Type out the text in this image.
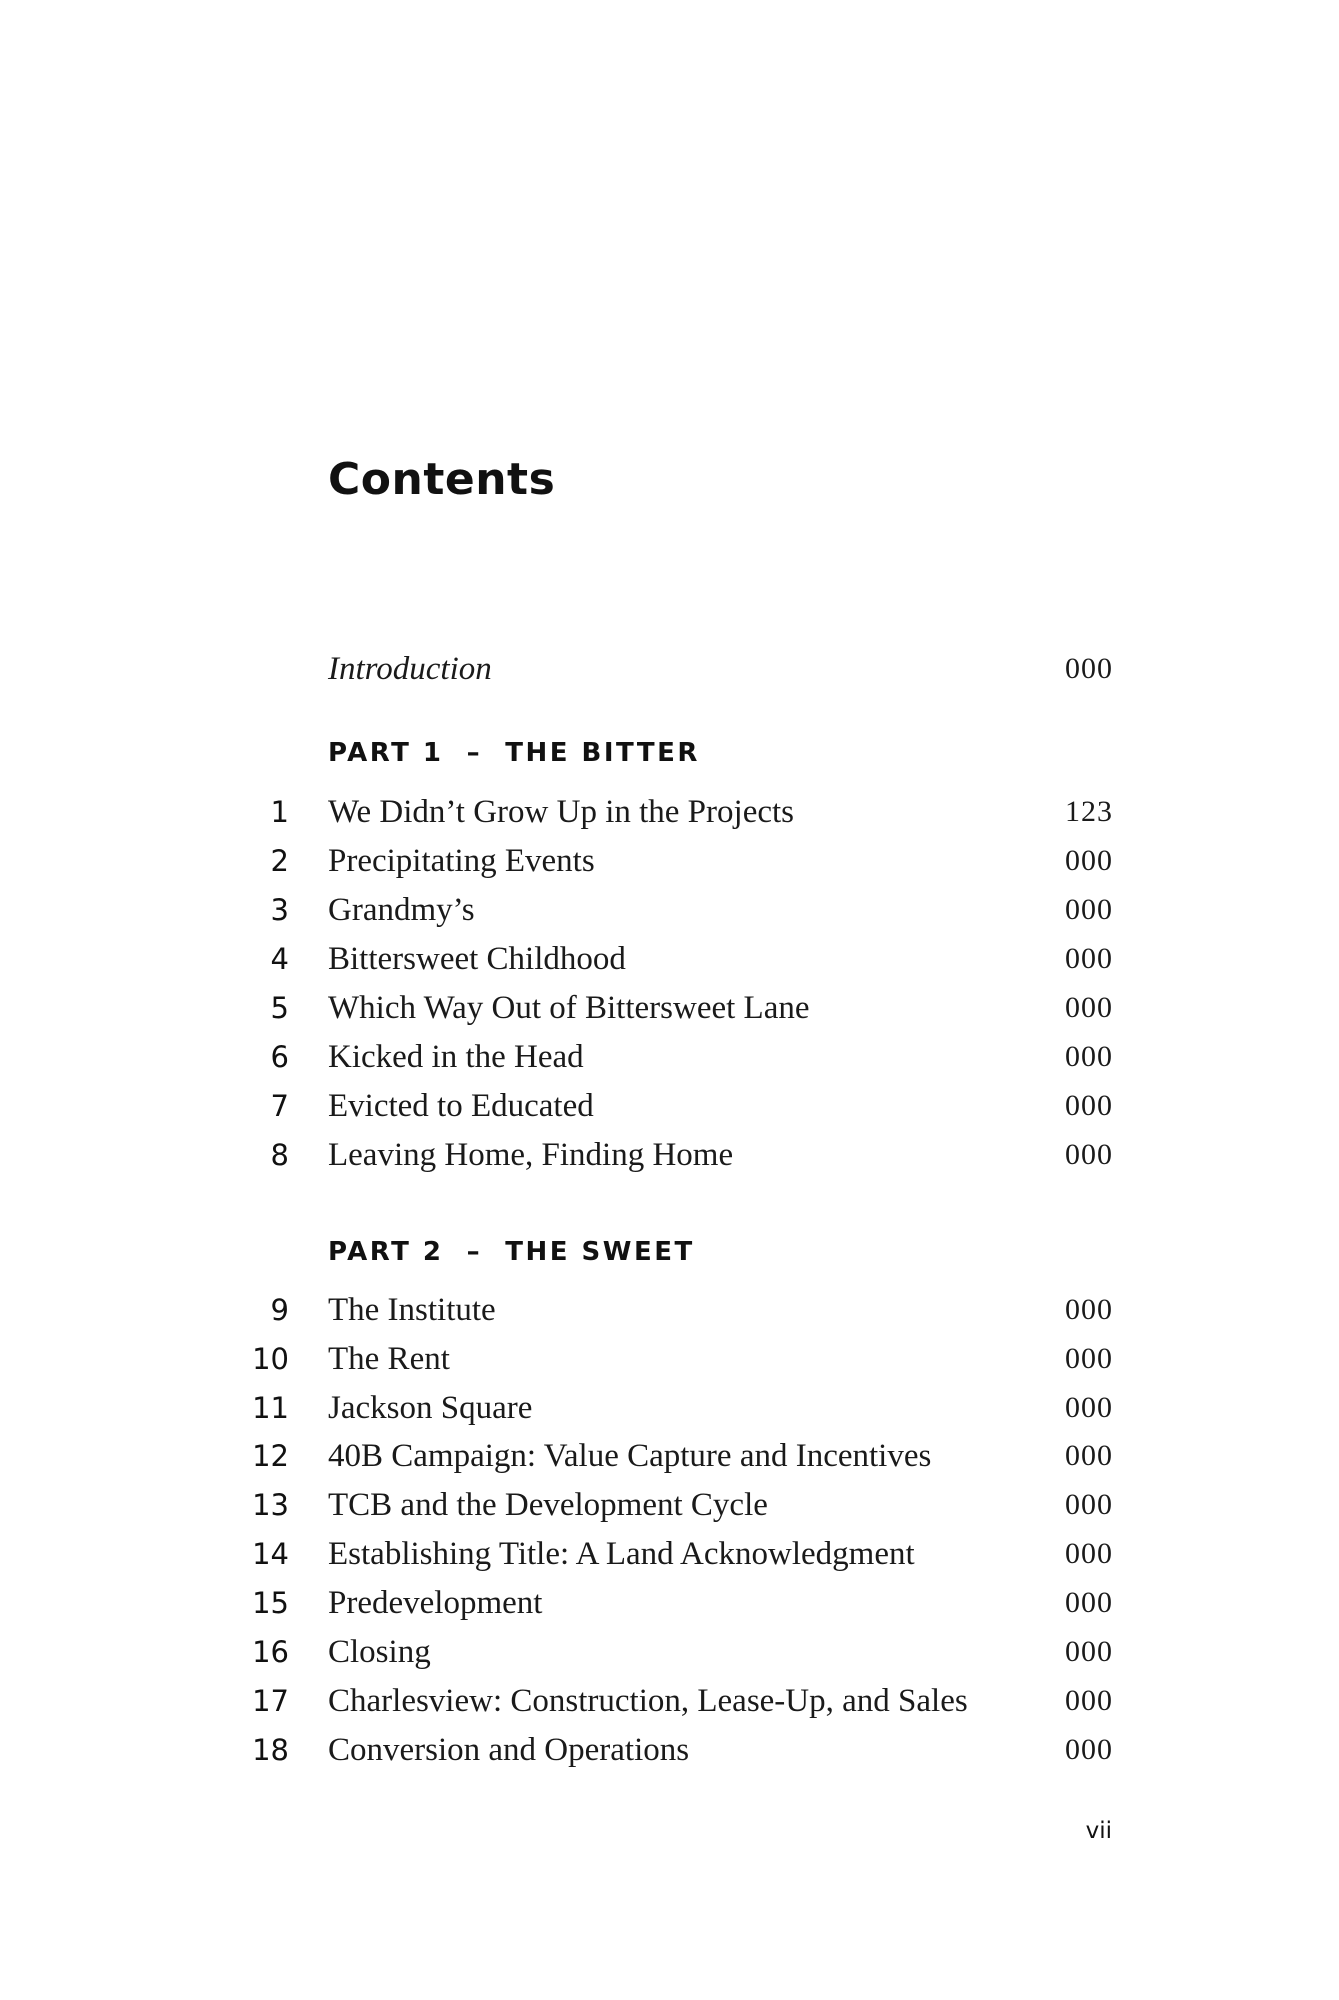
Contents
Introduction	000
PART 1  –  THE BITTER
1 We Didn’t Grow Up in the Projects	123
2 Precipitating Events	000
3 Grandmy’s	000
4 Bittersweet Childhood	000
5 Which Way Out of Bittersweet Lane	000
6 Kicked in the Head	000
7 Evicted to Educated	000
8 Leaving Home, Finding Home	000
PART 2  –  THE SWEET
9 The Institute	000
10 The Rent	000
11 Jackson Square	000
12 40B Campaign: Value Capture and Incentives	000
13 TCB and the Development Cycle	000
14 Establishing Title: A Land Acknowledgment	000
15 Predevelopment	000
16 Closing	000
17 Charlesview: Construction, Lease-Up, and Sales	000
18 Conversion and Operations	000
vii
